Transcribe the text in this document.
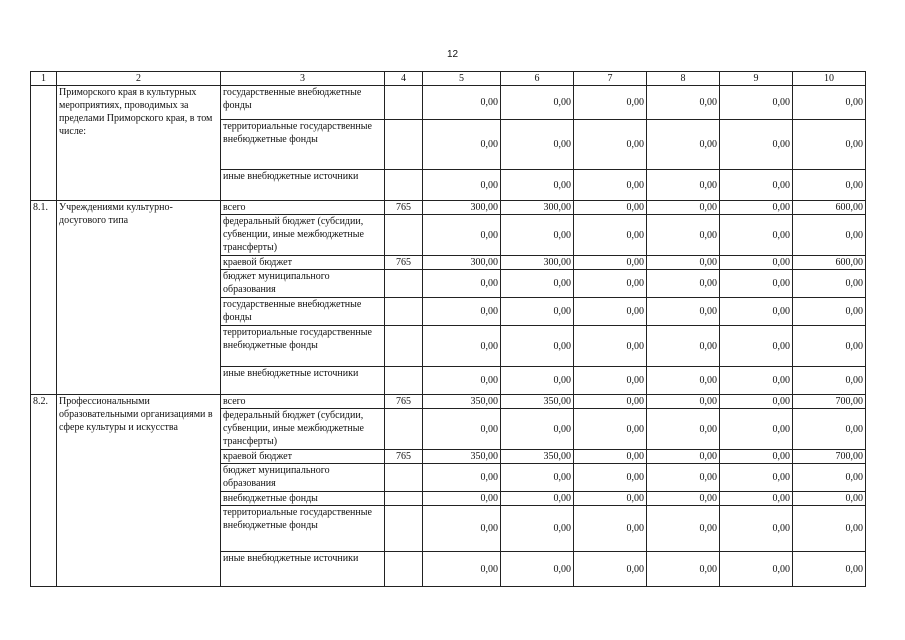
12
1	2	3	4	5	6	7	8	9	10
	Приморского края в культурных мероприятиях, проводимых за пределами Приморского края, в том числе:	государственные внебюджетные фонды		0,00	0,00	0,00	0,00	0,00	0,00
		территориальные государственные внебюджетные фонды		0,00	0,00	0,00	0,00	0,00	0,00
		иные внебюджетные источники		0,00	0,00	0,00	0,00	0,00	0,00
8.1.	Учреждениями культурно-досугового типа	всего	765	300,00	300,00	0,00	0,00	0,00	600,00
		федеральный бюджет (субсидии, субвенции, иные межбюджетные трансферты)		0,00	0,00	0,00	0,00	0,00	0,00
		краевой бюджет	765	300,00	300,00	0,00	0,00	0,00	600,00
		бюджет муниципального образования		0,00	0,00	0,00	0,00	0,00	0,00
		государственные внебюджетные фонды		0,00	0,00	0,00	0,00	0,00	0,00
		территориальные государственные внебюджетные фонды		0,00	0,00	0,00	0,00	0,00	0,00
		иные внебюджетные источники		0,00	0,00	0,00	0,00	0,00	0,00
8.2.	Профессиональными образовательными организациями в сфере культуры и искусства	всего	765	350,00	350,00	0,00	0,00	0,00	700,00
		федеральный бюджет (субсидии, субвенции, иные межбюджетные трансферты)		0,00	0,00	0,00	0,00	0,00	0,00
		краевой бюджет	765	350,00	350,00	0,00	0,00	0,00	700,00
		бюджет муниципального образования		0,00	0,00	0,00	0,00	0,00	0,00
		внебюджетные фонды		0,00	0,00	0,00	0,00	0,00	0,00
		территориальные государственные внебюджетные фонды		0,00	0,00	0,00	0,00	0,00	0,00
		иные внебюджетные источники		0,00	0,00	0,00	0,00	0,00	0,00
